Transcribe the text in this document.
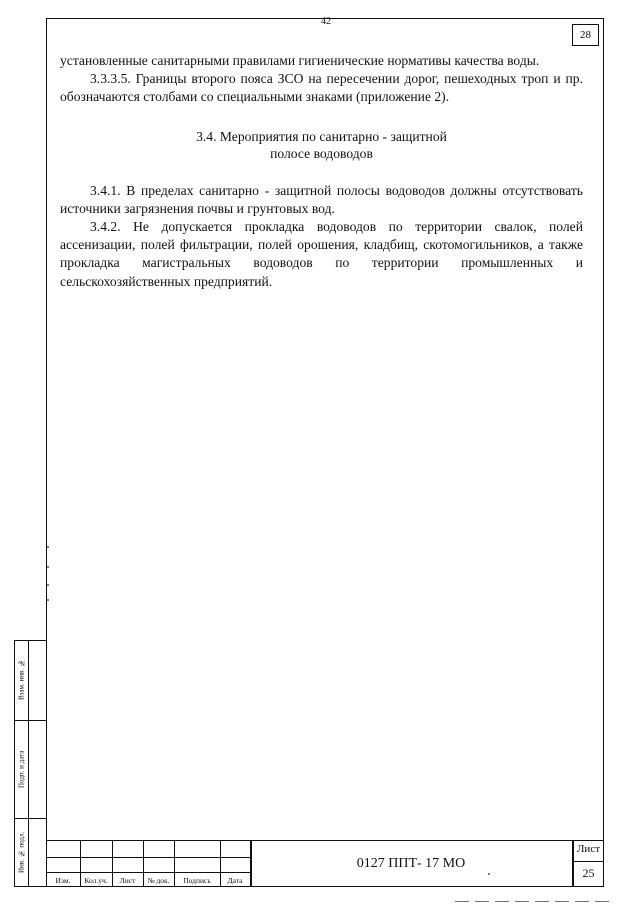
42
28

установленные санитарными правилами гигиенические нормативы качества воды.

3.3.3.5. Границы второго пояса ЗСО на пересечении дорог, пешеходных троп и пр. обозначаются столбами со специальными знаками (приложение 2).

3.4. Мероприятия по санитарно - защитной
полосе водоводов

3.4.1. В пределах санитарно - защитной полосы водоводов должны отсутствовать источники загрязнения почвы и грунтовых вод.

3.4.2. Не допускается прокладка водоводов по территории свалок, полей ассенизации, полей фильтрации, полей орошения, кладбищ, скотомогильников, а также прокладка магистральных водоводов по территории промышленных и сельскохозяйственных предприятий.

Взам. инв. №
Подп. и дата
Инв. № подл.
Изм.	Кол.уч.	Лист	№ док.	Подпись	Дата
0127 ППТ- 17 МО
Лист
25
